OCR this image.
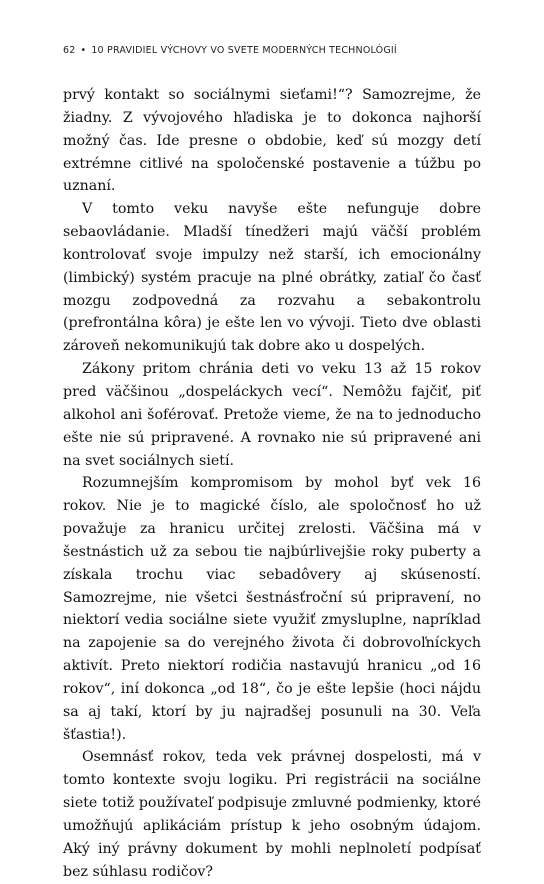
62 • 10 PRAVIDIEL VÝCHOVY VO SVETE MODERNÝCH TECHNOLÓGIÍ

prvý kontakt so sociálnymi sieťami!“? Samozrejme, že žiadny. Z vývojového hľadiska je to dokonca najhorší možný čas. Ide presne o obdobie, keď sú mozgy detí extrémne citlivé na spoločenské postavenie a túžbu po uznaní.

V tomto veku navyše ešte nefunguje dobre sebaovládanie. Mladší tínedžeri majú väčší problém kontrolovať svoje impulzy než starší, ich emocionálny (limbický) systém pracuje na plné obrátky, zatiaľ čo časť mozgu zodpovedná za rozvahu a sebakontrolu (prefrontálna kôra) je ešte len vo vývoji. Tieto dve oblasti zároveň nekomunikujú tak dobre ako u dospelých.

Zákony pritom chránia deti vo veku 13 až 15 rokov pred väčšinou „dospeláckych vecí“. Nemôžu fajčiť, piť alkohol ani šoférovať. Pretože vieme, že na to jednoducho ešte nie sú pripravené. A rovnako nie sú pripravené ani na svet sociálnych sietí.

Rozumnejším kompromisom by mohol byť vek 16 rokov. Nie je to magické číslo, ale spoločnosť ho už považuje za hranicu určitej zrelosti. Väčšina má v šestnástich už za sebou tie najbúrlivejšie roky puberty a získala trochu viac sebadôvery aj skúseností. Samozrejme, nie všetci šestnásťroční sú pripravení, no niektorí vedia sociálne siete využiť zmysluplne, napríklad na zapojenie sa do verejného života či dobrovoľníckych aktivít. Preto niektorí rodičia nastavujú hranicu „od 16 rokov“, iní dokonca „od 18“, čo je ešte lepšie (hoci nájdu sa aj takí, ktorí by ju najradšej posunuli na 30. Veľa šťastia!).

Osemnásť rokov, teda vek právnej dospelosti, má v tomto kontexte svoju logiku. Pri registrácii na sociálne siete totiž používateľ podpisuje zmluvné podmienky, ktoré umožňujú aplikáciám prístup k jeho osobným údajom. Aký iný právny dokument by mohli neplnoletí podpísať bez súhlasu rodičov?
